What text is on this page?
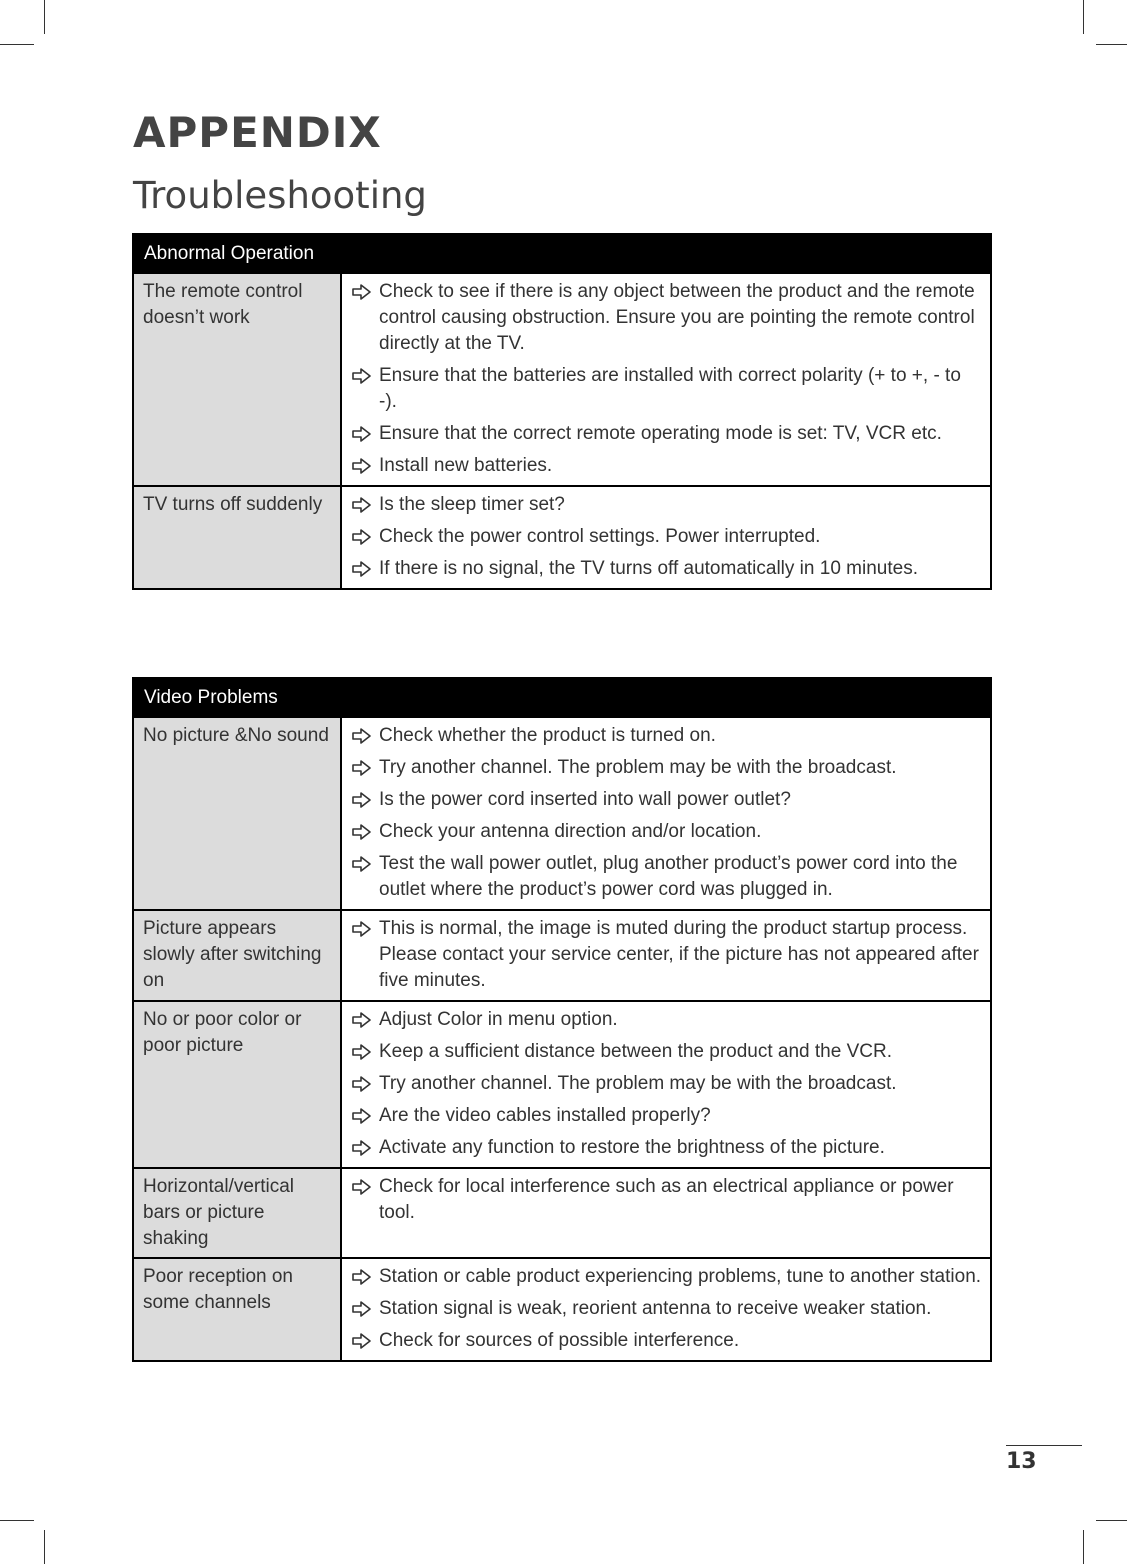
APPENDIX
Troubleshooting
Abnormal Operation	
The remote control doesn’t work	Check to see if there is any object between the product and the remote control causing obstruction. Ensure you are pointing the remote control directly at the TV.
Ensure that the batteries are installed with correct polarity (+ to +, - to -).
Ensure that the correct remote operating mode is set: TV, VCR etc.
Install new batteries.

TV turns off suddenly	Is the sleep timer set?
Check the power control settings. Power interrupted.
If there is no signal, the TV turns off automatically in 10 minutes.
Video Problems	
No picture &No sound	Check whether the product is turned on.
Try another channel. The problem may be with the broadcast.
Is the power cord inserted into wall power outlet?
Check your antenna direction and/or location.
Test the wall power outlet, plug another product’s power cord into the outlet where the product’s power cord was plugged in.

Picture appears slowly after switching on	This is normal, the image is muted during the product startup process. Please contact your service center, if the picture has not appeared after five minutes.

No or poor color or poor picture	Adjust Color in menu option.
Keep a sufficient distance between the product and the VCR.
Try another channel. The problem may be with the broadcast.
Are the video cables installed properly?
Activate any function to restore the brightness of the picture.

Horizontal/vertical bars or picture shaking	Check for local interference such as an electrical appliance or power tool.

Poor reception on some channels	Station or cable product experiencing problems, tune to another station.
Station signal is weak, reorient antenna to receive weaker station.
Check for sources of possible interference.
13
